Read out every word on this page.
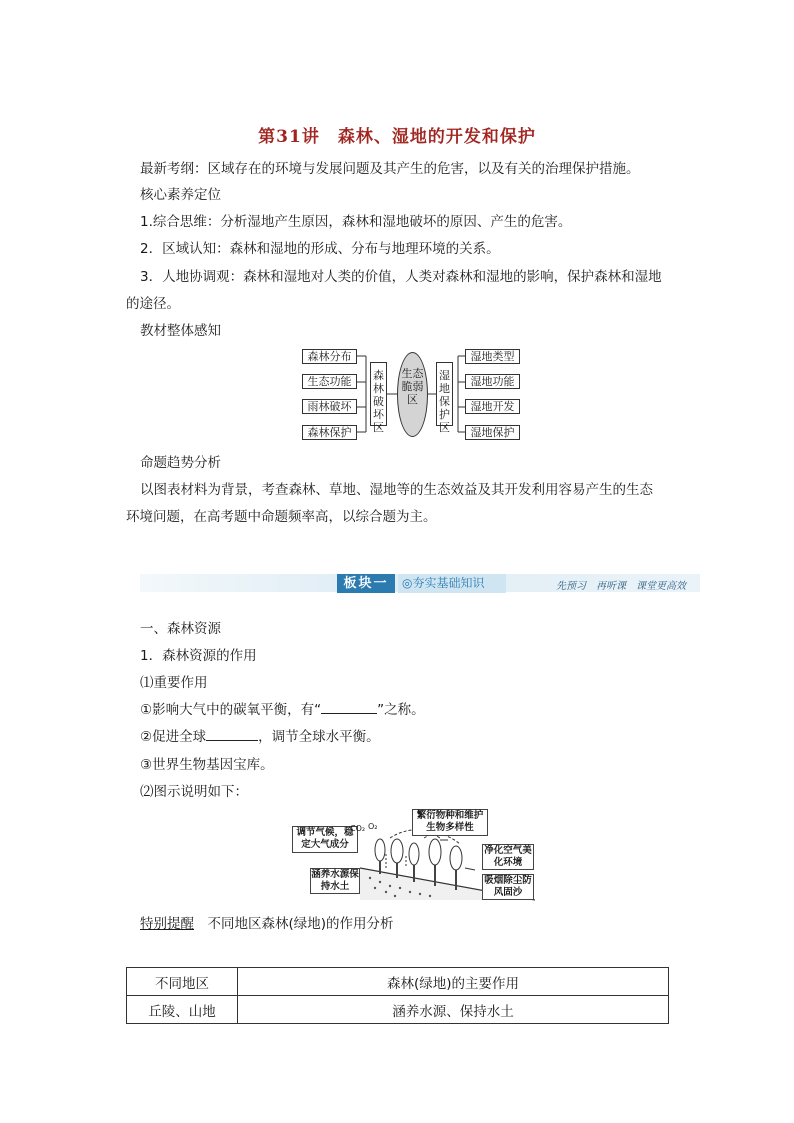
第31讲　森林、湿地的开发和保护
最新考纲：区域存在的环境与发展问题及其产生的危害，以及有关的治理保护措施。
核心素养定位
1.综合思维：分析湿地产生原因，森林和湿地破坏的原因、产生的危害。
2．区域认知：森林和湿地的形成、分布与地理环境的关系。
3．人地协调观：森林和湿地对人类的价值，人类对森林和湿地的影响，保护森林和湿地
的途径。
教材整体感知
森林分布
生态功能
雨林破坏
森林保护
森林破坏区
生态脆弱区
湿地保护区
湿地类型
湿地功能
湿地开发
湿地保护
命题趋势分析
以图表材料为背景，考查森林、草地、湿地等的生态效益及其开发利用容易产生的生态
环境问题，在高考题中命题频率高，以综合题为主。
板块一	◎夯实基础知识	先预习　再听课　课堂更高效
一、森林资源
1．森林资源的作用
⑴重要作用
①影响大气中的碳氧平衡，有“	”之称。
②促进全球	，调节全球水平衡。
③世界生物基因宝库。
⑵图示说明如下：
调节气候，稳定大气成分
繁衍物种和维护生物多样性
净化空气美化环境
吸烟除尘防风固沙
涵养水源保持水土
CO₂ O₂
特别提醒　 不同地区森林(绿地)的作用分析
不同地区	森林(绿地)的主要作用
丘陵、山地	涵养水源、保持水土
